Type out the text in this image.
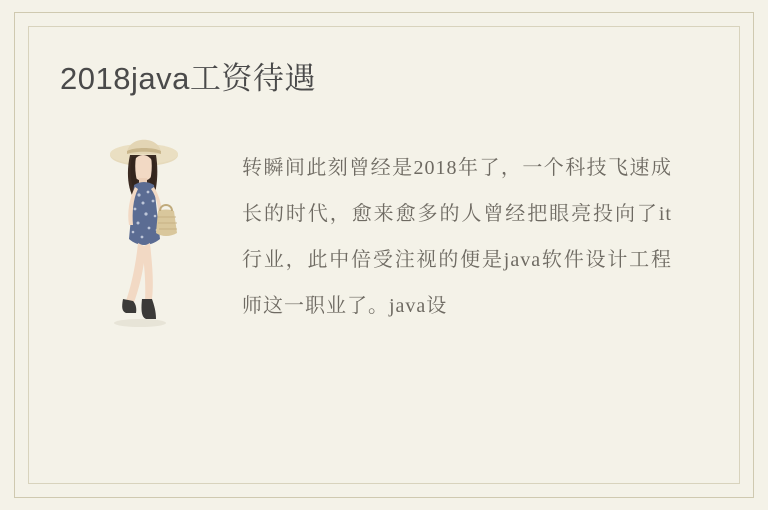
2018java工资待遇

转瞬间此刻曾经是2018年了，一个科技飞速成长的时代，愈来愈多的人曾经把眼亮投向了it行业，此中倍受注视的便是java软件设计工程师这一职业了。java设
